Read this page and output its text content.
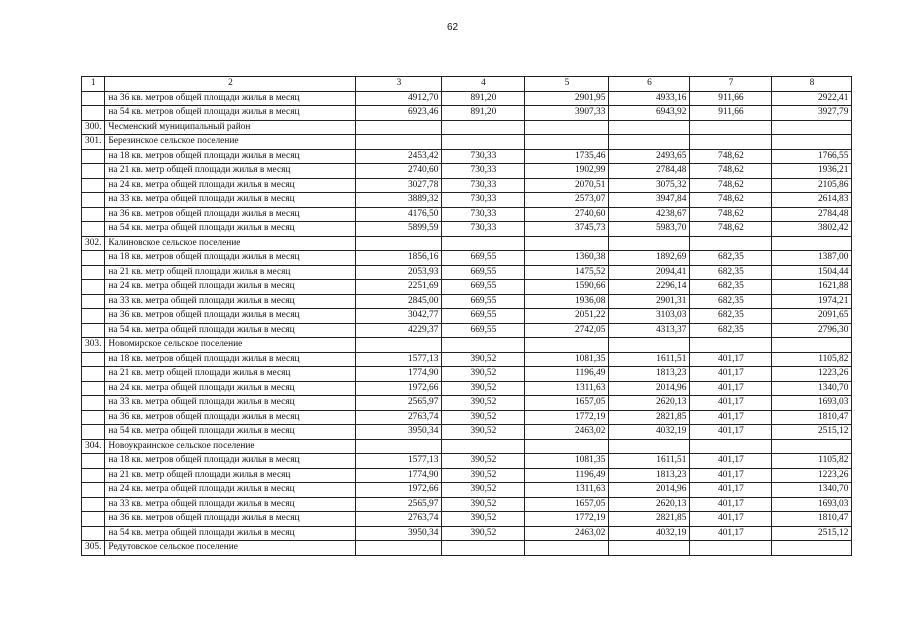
62
1	2	3	4	5	6	7	8
	на 36 кв. метров общей площади жилья в месяц	4912,70	891,20	2901,95	4933,16	911,66	2922,41
	на 54 кв. метров общей площади жилья в месяц	6923,46	891,20	3907,33	6943,92	911,66	3927,79
300.	Чесменский муниципальный район						
301.	Березинское сельское поселение						
	на 18 кв. метров общей площади жилья в месяц	2453,42	730,33	1735,46	2493,65	748,62	1766,55
	на 21 кв. метр общей площади жилья в месяц	2740,60	730,33	1902,99	2784,48	748,62	1936,21
	на 24 кв. метра общей площади жилья в месяц	3027,78	730,33	2070,51	3075,32	748,62	2105,86
	на 33 кв. метра общей площади жилья в месяц	3889,32	730,33	2573,07	3947,84	748,62	2614,83
	на 36 кв. метров общей площади жилья в месяц	4176,50	730,33	2740,60	4238,67	748,62	2784,48
	на 54 кв. метра общей площади жилья в месяц	5899,59	730,33	3745,73	5983,70	748,62	3802,42
302.	Калиновское сельское поселение						
	на 18 кв. метров общей площади жилья в месяц	1856,16	669,55	1360,38	1892,69	682,35	1387,00
	на 21 кв. метр общей площади жилья в месяц	2053,93	669,55	1475,52	2094,41	682,35	1504,44
	на 24 кв. метра общей площади жилья в месяц	2251,69	669,55	1590,66	2296,14	682,35	1621,88
	на 33 кв. метра общей площади жилья в месяц	2845,00	669,55	1936,08	2901,31	682,35	1974,21
	на 36 кв. метров общей площади жилья в месяц	3042,77	669,55	2051,22	3103,03	682,35	2091,65
	на 54 кв. метра общей площади жилья в месяц	4229,37	669,55	2742,05	4313,37	682,35	2796,30
303.	Новомирское сельское поселение						
	на 18 кв. метров общей площади жилья в месяц	1577,13	390,52	1081,35	1611,51	401,17	1105,82
	на 21 кв. метр общей площади жилья в месяц	1774,90	390,52	1196,49	1813,23	401,17	1223,26
	на 24 кв. метра общей площади жилья в месяц	1972,66	390,52	1311,63	2014,96	401,17	1340,70
	на 33 кв. метра общей площади жилья в месяц	2565,97	390,52	1657,05	2620,13	401,17	1693,03
	на 36 кв. метров общей площади жилья в месяц	2763,74	390,52	1772,19	2821,85	401,17	1810,47
	на 54 кв. метра общей площади жилья в месяц	3950,34	390,52	2463,02	4032,19	401,17	2515,12
304.	Новоукраинское сельское поселение						
	на 18 кв. метров общей площади жилья в месяц	1577,13	390,52	1081,35	1611,51	401,17	1105,82
	на 21 кв. метр общей площади жилья в месяц	1774,90	390,52	1196,49	1813,23	401,17	1223,26
	на 24 кв. метра общей площади жилья в месяц	1972,66	390,52	1311,63	2014,96	401,17	1340,70
	на 33 кв. метра общей площади жилья в месяц	2565,97	390,52	1657,05	2620,13	401,17	1693,03
	на 36 кв. метров общей площади жилья в месяц	2763,74	390,52	1772,19	2821,85	401,17	1810,47
	на 54 кв. метра общей площади жилья в месяц	3950,34	390,52	2463,02	4032,19	401,17	2515,12
305.	Редутовское сельское поселение						
